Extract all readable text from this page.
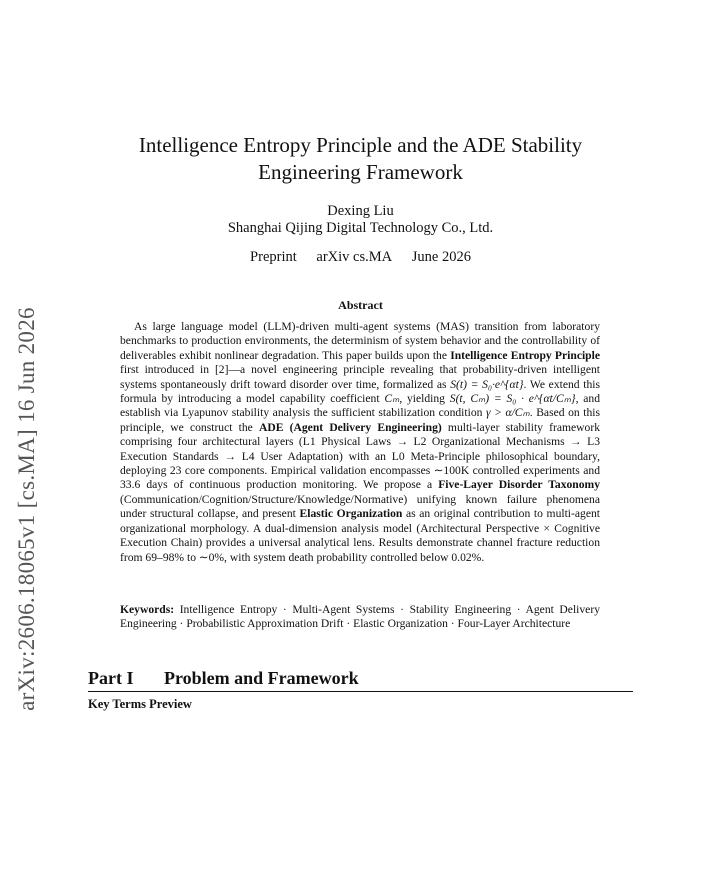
arXiv:2606.18065v1 [cs.MA] 16 Jun 2026
Intelligence Entropy Principle and the ADE Stability
Engineering Framework
Dexing Liu
Shanghai Qijing Digital Technology Co., Ltd.
Preprint arXiv cs.MA June 2026
Abstract

As large language model (LLM)-driven multi-agent systems (MAS) transition from laboratory benchmarks to production environments, the determinism of system behavior and the controllability of deliverables exhibit nonlinear degradation. This paper builds upon the Intelligence Entropy Principle first introduced in [2]—a novel engineering principle revealing that probability-driven intelligent systems spontaneously drift toward disorder over time, formalized as S(t) = S₀·e^{αt}. We extend this formula by introducing a model capability coefficient Cₘ, yielding S(t, Cₘ) = S₀ · e^{αt/Cₘ}, and establish via Lyapunov stability analysis the sufficient stabilization condition γ > α/Cₘ. Based on this principle, we construct the ADE (Agent Delivery Engineering) multi-layer stability framework comprising four architectural layers (L1 Physical Laws → L2 Organizational Mechanisms → L3 Execution Standards → L4 User Adaptation) with an L0 Meta-Principle philosophical boundary, deploying 23 core components. Empirical validation encompasses ∼100K controlled experiments and 33.6 days of continuous production monitoring. We propose a Five-Layer Disorder Taxonomy (Communication/Cognition/Structure/Knowledge/Normative) unifying known failure phenomena under structural collapse, and present Elastic Organization as an original contribution to multi-agent organizational morphology. A dual-dimension analysis model (Architectural Perspective × Cognitive Execution Chain) provides a universal analytical lens. Results demonstrate channel fracture reduction from 69–98% to ∼0%, with system death probability controlled below 0.02%.

Keywords: Intelligence Entropy · Multi-Agent Systems · Stability Engineering · Agent Delivery Engineering · Probabilistic Approximation Drift · Elastic Organization · Four-Layer Architecture

Part I Problem and Framework
Key Terms Preview
